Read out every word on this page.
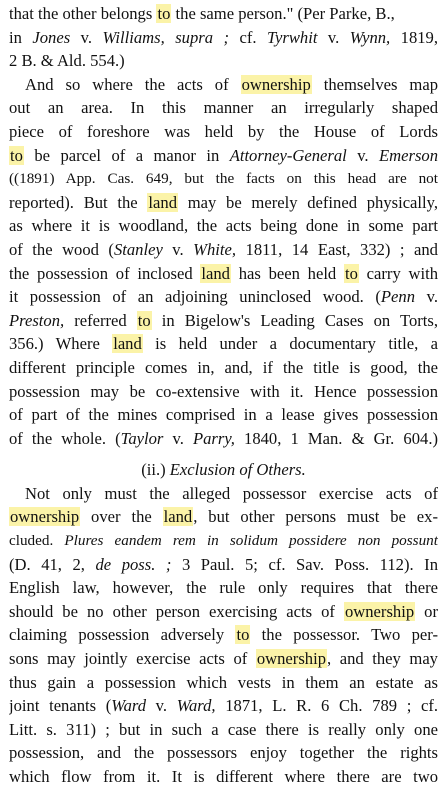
that the other belongs to the same person." (Per Parke, B.,
in Jones v. Williams, supra ; cf. Tyrwhit v. Wynn, 1819,
2 B. & Ald. 554.)
And so where the acts of ownership themselves map
out an area. In this manner an irregularly shaped
piece of foreshore was held by the House of Lords
to be parcel of a manor in Attorney-General v. Emerson
((1891) App. Cas. 649, but the facts on this head are not
reported). But the land may be merely defined physically,
as where it is woodland, the acts being done in some part
of the wood (Stanley v. White, 1811, 14 East, 332) ; and
the possession of inclosed land has been held to carry with
it possession of an adjoining uninclosed wood. (Penn v.
Preston, referred to in Bigelow's Leading Cases on Torts,
356.) Where land is held under a documentary title, a
different principle comes in, and, if the title is good, the
possession may be co-extensive with it. Hence possession
of part of the mines comprised in a lease gives possession
of the whole. (Taylor v. Parry, 1840, 1 Man. & Gr. 604.)
(ii.) Exclusion of Others.
Not only must the alleged possessor exercise acts of
ownership over the land, but other persons must be ex-
cluded. Plures eandem rem in solidum possidere non possunt
(D. 41, 2, de poss. ; 3 Paul. 5; cf. Sav. Poss. 112). In
English law, however, the rule only requires that there
should be no other person exercising acts of ownership or
claiming possession adversely to the possessor. Two per-
sons may jointly exercise acts of ownership, and they may
thus gain a possession which vests in them an estate as
joint tenants (Ward v. Ward, 1871, L. R. 6 Ch. 789 ; cf.
Litt. s. 311) ; but in such a case there is really only one
possession, and the possessors enjoy together the rights
which flow from it. It is different where there are two
